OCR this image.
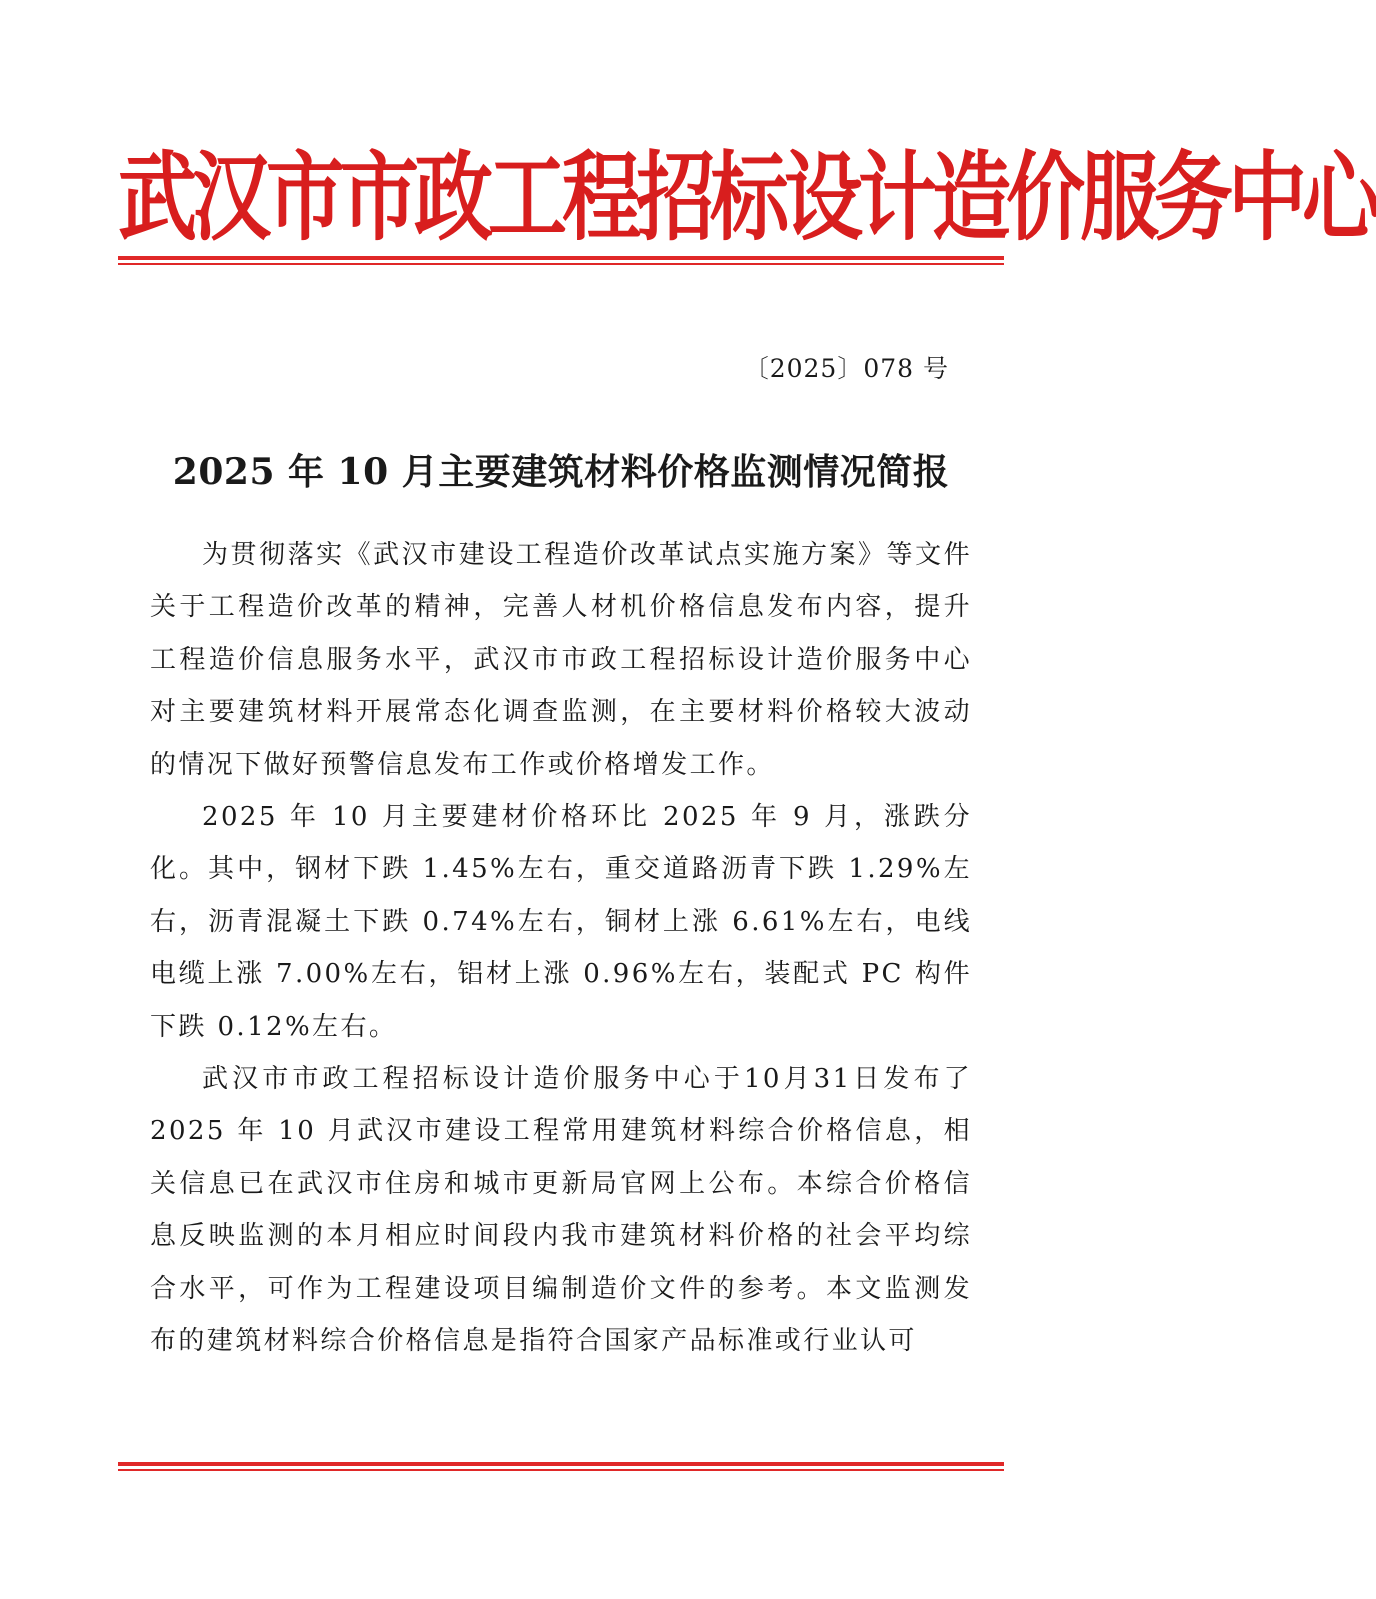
武汉市市政工程招标设计造价服务中心
〔2025〕078 号
2025 年 10 月主要建筑材料价格监测情况简报

为贯彻落实《武汉市建设工程造价改革试点实施方案》等文件关于工程造价改革的精神，完善人材机价格信息发布内容，提升工程造价信息服务水平，武汉市市政工程招标设计造价服务中心对主要建筑材料开展常态化调查监测，在主要材料价格较大波动的情况下做好预警信息发布工作或价格增发工作。

2025 年 10 月主要建材价格环比 2025 年 9 月，涨跌分化。其中，钢材下跌 1.45%左右，重交道路沥青下跌 1.29%左右，沥青混凝土下跌 0.74%左右，铜材上涨 6.61%左右，电线电缆上涨 7.00%左右，铝材上涨 0.96%左右，装配式 PC 构件下跌 0.12%左右。

武汉市市政工程招标设计造价服务中心于10月31日发布了2025 年 10 月武汉市建设工程常用建筑材料综合价格信息，相关信息已在武汉市住房和城市更新局官网上公布。本综合价格信息反映监测的本月相应时间段内我市建筑材料价格的社会平均综合水平，可作为工程建设项目编制造价文件的参考。本文监测发布的建筑材料综合价格信息是指符合国家产品标准或行业认可
